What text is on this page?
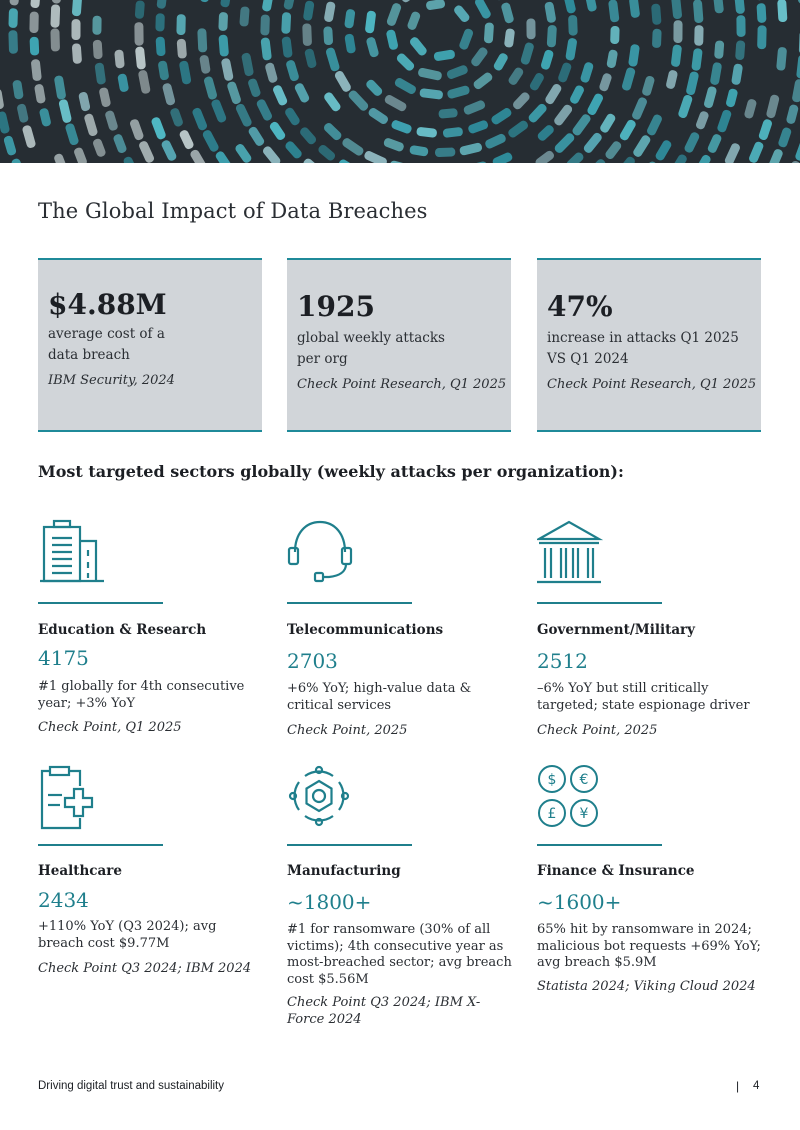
The Global Impact of Data Breaches
$4.88M
average cost of a
data breach
IBM Security, 2024
1925
global weekly attacks
per org
Check Point Research, Q1 2025
47%
increase in attacks Q1 2025
VS Q1 2024
Check Point Research, Q1 2025
Most targeted sectors globally (weekly attacks per organization):
Education & Research
4175
#1 globally for 4th consecutive year; +3% YoY
Check Point, Q1 2025
Telecommunications
2703
+6% YoY; high-value data & critical services
Check Point, 2025
Government/Military
2512
–6% YoY but still critically targeted; state espionage driver
Check Point, 2025
Healthcare
2434
+110% YoY (Q3 2024); avg breach cost $9.77M
Check Point Q3 2024; IBM 2024
Manufacturing
~1800+
#1 for ransomware (30% of all victims); 4th consecutive year as most-breached sector; avg breach cost $5.56M
Check Point Q3 2024; IBM X-Force 2024
$ €
£ ¥
Finance & Insurance
~1600+
65% hit by ransomware in 2024; malicious bot requests +69% YoY; avg breach $5.9M
Statista 2024; Viking Cloud 2024
Driving digital trust and sustainability	| 4
